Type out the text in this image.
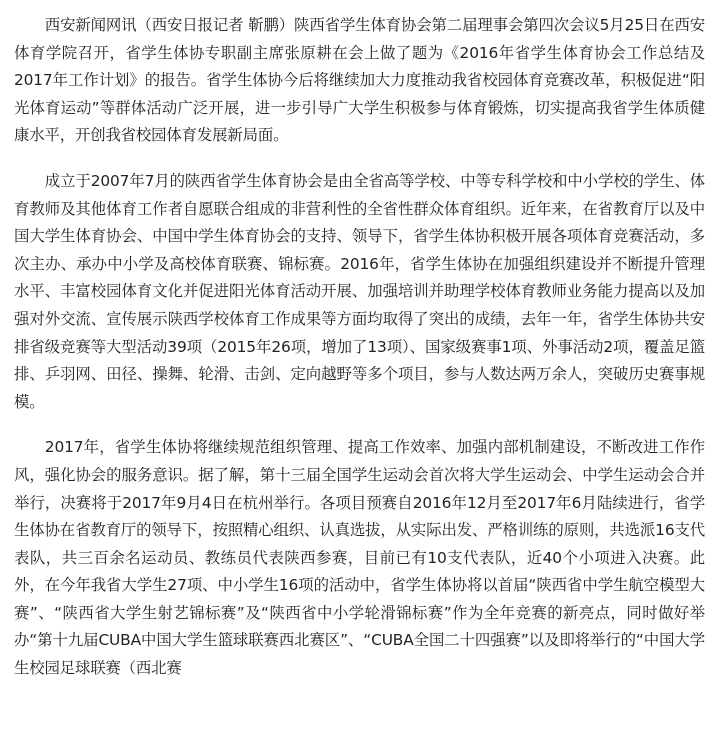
西安新闻网讯（西安日报记者 靳鹏）陕西省学生体育协会第二届理事会第四次会议5月25日在西安体育学院召开，省学生体协专职副主席张原耕在会上做了题为《2016年省学生体育协会工作总结及2017年工作计划》的报告。省学生体协今后将继续加大力度推动我省校园体育竞赛改革，积极促进“阳光体育运动”等群体活动广泛开展，进一步引导广大学生积极参与体育锻炼，切实提高我省学生体质健康水平，开创我省校园体育发展新局面。

成立于2007年7月的陕西省学生体育协会是由全省高等学校、中等专科学校和中小学校的学生、体育教师及其他体育工作者自愿联合组成的非营利性的全省性群众体育组织。近年来，在省教育厅以及中国大学生体育协会、中国中学生体育协会的支持、领导下，省学生体协积极开展各项体育竞赛活动，多次主办、承办中小学及高校体育联赛、锦标赛。2016年，省学生体协在加强组织建设并不断提升管理水平、丰富校园体育文化并促进阳光体育活动开展、加强培训并助理学校体育教师业务能力提高以及加强对外交流、宣传展示陕西学校体育工作成果等方面均取得了突出的成绩，去年一年，省学生体协共安排省级竞赛等大型活动39项（2015年26项，增加了13项）、国家级赛事1项、外事活动2项，覆盖足篮排、乒羽网、田径、操舞、轮滑、击剑、定向越野等多个项目，参与人数达两万余人，突破历史赛事规模。

2017年，省学生体协将继续规范组织管理、提高工作效率、加强内部机制建设，不断改进工作作风，强化协会的服务意识。据了解，第十三届全国学生运动会首次将大学生运动会、中学生运动会合并举行，决赛将于2017年9月4日在杭州举行。各项目预赛自2016年12月至2017年6月陆续进行，省学生体协在省教育厅的领导下，按照精心组织、认真选拔，从实际出发、严格训练的原则，共选派16支代表队，共三百余名运动员、教练员代表陕西参赛，目前已有10支代表队，近40个小项进入决赛。此外，在今年我省大学生27项、中小学生16项的活动中，省学生体协将以首届“陕西省中学生航空模型大赛”、“陕西省大学生射艺锦标赛”及“陕西省中小学轮滑锦标赛”作为全年竞赛的新亮点，同时做好举办“第十九届CUBA中国大学生篮球联赛西北赛区”、“CUBA全国二十四强赛”以及即将举行的“中国大学生校园足球联赛（西北赛
